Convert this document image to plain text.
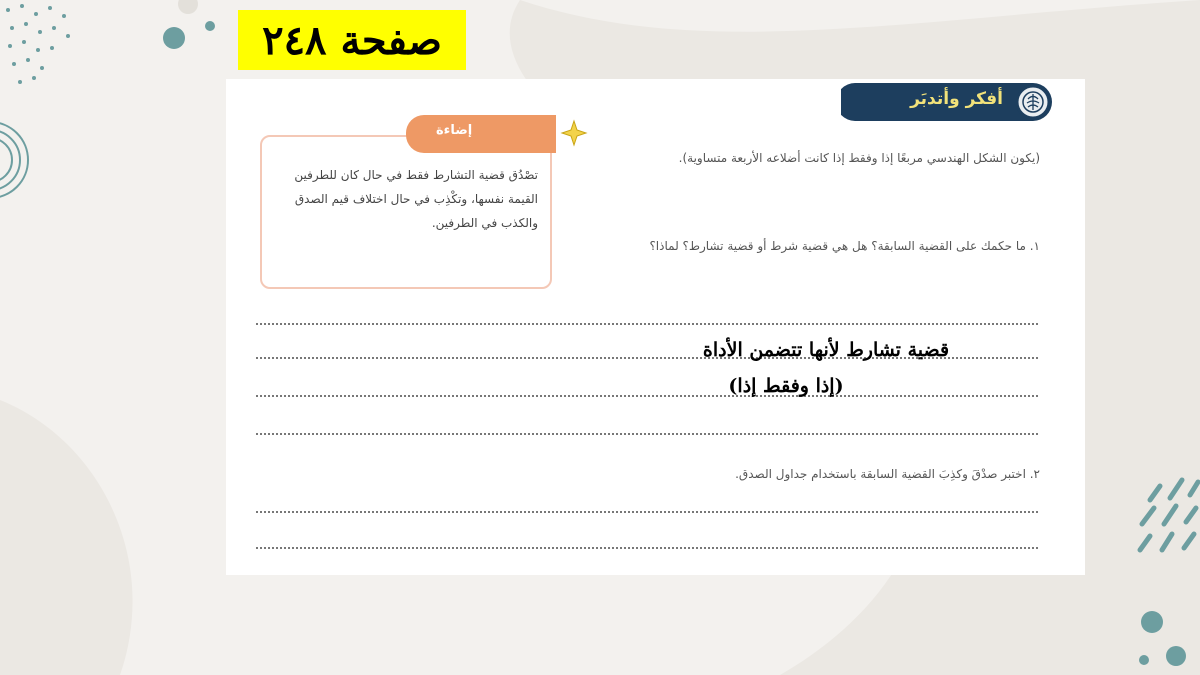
صفحة ٢٤٨
أفكر وأتدبَر
(يكون الشكل الهندسي مربعًا إذا وفقط إذا كانت أضلاعه الأربعة متساوية).
إضاءة
تصْدُق قضية التشارط فقط في حال كان للطرفين القيمة نفسها، وتكْذِب في حال اختلاف قيم الصدق والكذب في الطرفين.
١. ما حكمك على القضية السابقة؟ هل هي قضية شرط أو قضية تشارط؟ لماذا؟
قضية تشارط لأنها تتضمن الأداة
(إذا وفقط إذا)
٢. اختبر صدْقَ وكذِبَ القضية السابقة باستخدام جداول الصدق.
